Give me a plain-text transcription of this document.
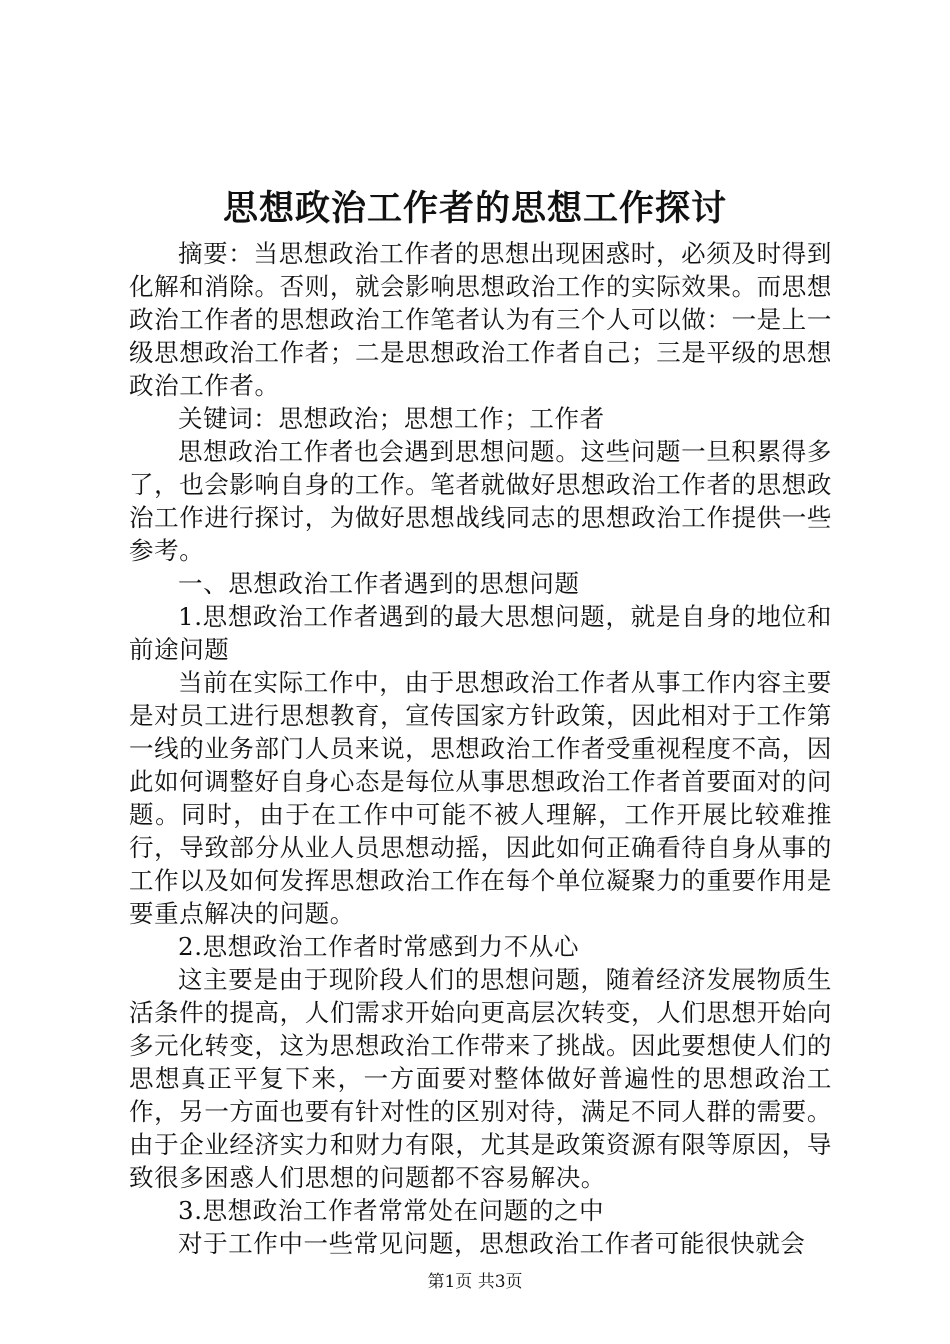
思想政治工作者的思想工作探讨

摘要：当思想政治工作者的思想出现困惑时，必须及时得到化解和消除。否则，就会影响思想政治工作的实际效果。而思想政治工作者的思想政治工作笔者认为有三个人可以做：一是上一级思想政治工作者；二是思想政治工作者自己；三是平级的思想政治工作者。

关键词：思想政治；思想工作；工作者

思想政治工作者也会遇到思想问题。这些问题一旦积累得多了，也会影响自身的工作。笔者就做好思想政治工作者的思想政治工作进行探讨，为做好思想战线同志的思想政治工作提供一些参考。

一、思想政治工作者遇到的思想问题

1.思想政治工作者遇到的最大思想问题，就是自身的地位和前途问题

当前在实际工作中，由于思想政治工作者从事工作内容主要是对员工进行思想教育，宣传国家方针政策，因此相对于工作第一线的业务部门人员来说，思想政治工作者受重视程度不高，因此如何调整好自身心态是每位从事思想政治工作者首要面对的问题。同时，由于在工作中可能不被人理解，工作开展比较难推行，导致部分从业人员思想动摇，因此如何正确看待自身从事的工作以及如何发挥思想政治工作在每个单位凝聚力的重要作用是要重点解决的问题。

2.思想政治工作者时常感到力不从心

这主要是由于现阶段人们的思想问题，随着经济发展物质生活条件的提高，人们需求开始向更高层次转变，人们思想开始向多元化转变，这为思想政治工作带来了挑战。因此要想使人们的思想真正平复下来，一方面要对整体做好普遍性的思想政治工作，另一方面也要有针对性的区别对待，满足不同人群的需要。由于企业经济实力和财力有限，尤其是政策资源有限等原因，导致很多困惑人们思想的问题都不容易解决。

3.思想政治工作者常常处在问题的之中

对于工作中一些常见问题，思想政治工作者可能很快就会

第1页 共3页
